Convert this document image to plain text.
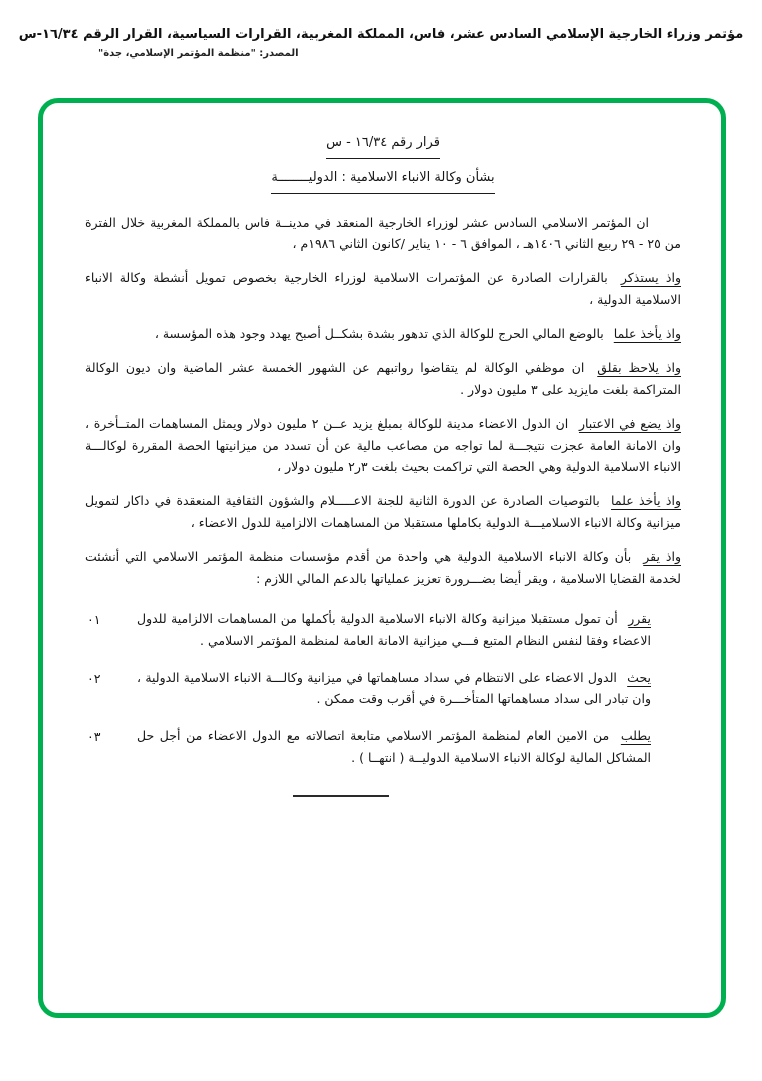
مؤتمر وزراء الخارجية الإسلامي السادس عشر، فاس، المملكة المغربية، القرارات السياسية، القرار الرقم ١٦/٣٤-س
المصدر: "منظمة المؤتمر الإسلامي، جدة"
قرار رقم ١٦/٣٤ - س
بشأن وكالة الانباء الاسلامية : الدوليــــــــة

ان المؤتمر الاسلامي السادس عشر لوزراء الخارجية المنعقد في مدينــة فاس بالمملكة المغربية خلال الفترة من ٢٥ - ٢٩ ربيع الثاني ١٤٠٦هـ ، الموافق ٦ - ١٠ يناير /كانون الثاني ١٩٨٦م ،

واذ يستذكر بالقرارات الصادرة عن المؤتمرات الاسلامية لوزراء الخارجية بخصوص تمويل أنشطة وكالة الانباء الاسلامية الدولية ،

واذ يأخذ علما بالوضع المالي الحرج للوكالة الذي تدهور بشدة بشكــل أصبح يهدد وجود هذه المؤسسة ،

واذ يلاحظ بقلق ان موظفي الوكالة لم يتقاضوا رواتبهم عن الشهور الخمسة عشر الماضية وان ديون الوكالة المتراكمة بلغت مايزيد على ٣ مليون دولار .

واذ يضع في الاعتبار ان الدول الاعضاء مدينة للوكالة بمبلغ يزيد عــن ٢ مليون دولار ويمثل المساهمات المتــأخرة ، وان الامانة العامة عجزت نتيجـــة لما تواجه من مصاعب مالية عن أن تسدد من ميزانيتها الحصة المقررة لوكالـــة الانباء الاسلامية الدولية وهي الحصة التي تراكمت بحيث بلغت ٣ر٢ مليون دولار ،

واذ يأخذ علما بالتوصيات الصادرة عن الدورة الثانية للجنة الاعـــــلام والشؤون الثقافية المنعقدة في داكار لتمويل ميزانية وكالة الانباء الاسلاميـــة الدولية بكاملها مستقبلا من المساهمات الالزامية للدول الاعضاء ،

واذ يقر بأن وكالة الانباء الاسلامية الدولية هي واحدة من أقدم مؤسسات منظمة المؤتمر الاسلامي التي أنشئت لخدمة القضايا الاسلامية ، ويقر أيضا بضـــرورة تعزيز عملياتها بالدعم المالي اللازم :

٠١	يقرر أن تمول مستقبلا ميزانية وكالة الانباء الاسلامية الدولية بأكملها من المساهمات الالزامية للدول الاعضاء وفقا لنفس النظام المتبع فـــي ميزانية الامانة العامة لمنظمة المؤتمر الاسلامي .

٠٢	يحث الدول الاعضاء على الانتظام في سداد مساهماتها في ميزانية وكالـــة الانباء الاسلامية الدولية ، وان تبادر الى سداد مساهماتها المتأخـــرة في أقرب وقت ممكن .

٠٣	يطلب من الامين العام لمنظمة المؤتمر الاسلامي متابعة اتصالاته مع الدول الاعضاء من أجل حل المشاكل المالية لوكالة الانباء الاسلامية الدوليــة ( انتهــا ) .
